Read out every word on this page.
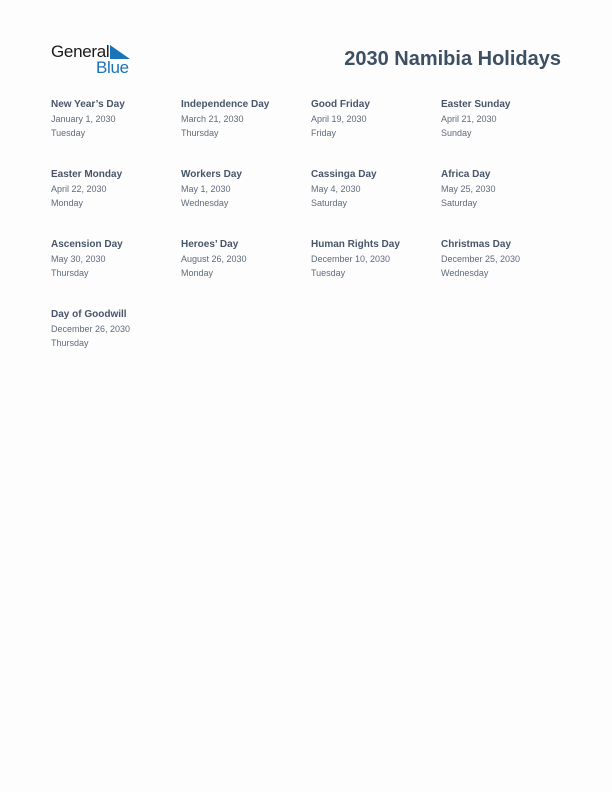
General
Blue	2030 Namibia Holidays
New Year’s Day
January 1, 2030
Tuesday
Independence Day
March 21, 2030
Thursday
Good Friday
April 19, 2030
Friday
Easter Sunday
April 21, 2030
Sunday
Easter Monday
April 22, 2030
Monday
Workers Day
May 1, 2030
Wednesday
Cassinga Day
May 4, 2030
Saturday
Africa Day
May 25, 2030
Saturday
Ascension Day
May 30, 2030
Thursday
Heroes’ Day
August 26, 2030
Monday
Human Rights Day
December 10, 2030
Tuesday
Christmas Day
December 25, 2030
Wednesday
Day of Goodwill
December 26, 2030
Thursday
